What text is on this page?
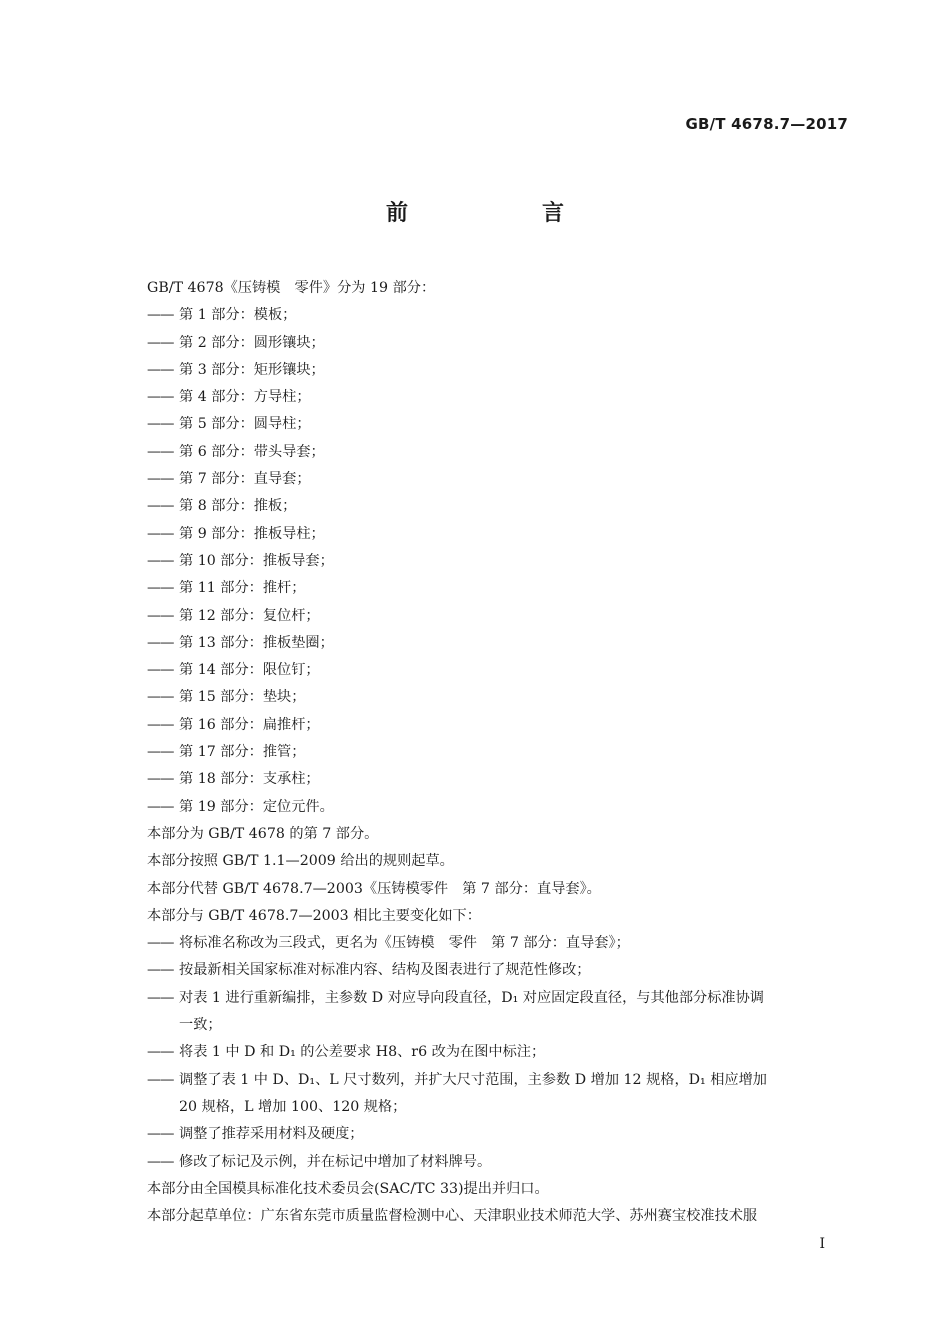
GB/T 4678.7—2017
前　言
GB/T 4678《压铸模　零件》分为 19 部分：
—— 第 1 部分：模板；
—— 第 2 部分：圆形镶块；
—— 第 3 部分：矩形镶块；
—— 第 4 部分：方导柱；
—— 第 5 部分：圆导柱；
—— 第 6 部分：带头导套；
—— 第 7 部分：直导套；
—— 第 8 部分：推板；
—— 第 9 部分：推板导柱；
—— 第 10 部分：推板导套；
—— 第 11 部分：推杆；
—— 第 12 部分：复位杆；
—— 第 13 部分：推板垫圈；
—— 第 14 部分：限位钉；
—— 第 15 部分：垫块；
—— 第 16 部分：扁推杆；
—— 第 17 部分：推管；
—— 第 18 部分：支承柱；
—— 第 19 部分：定位元件。
本部分为 GB/T 4678 的第 7 部分。
本部分按照 GB/T 1.1—2009 给出的规则起草。
本部分代替 GB/T 4678.7—2003《压铸模零件　第 7 部分：直导套》。
本部分与 GB/T 4678.7—2003 相比主要变化如下：
—— 将标准名称改为三段式，更名为《压铸模　零件　第 7 部分：直导套》；
—— 按最新相关国家标准对标准内容、结构及图表进行了规范性修改；
—— 对表 1 进行重新编排，主参数 D 对应导向段直径，D₁ 对应固定段直径，与其他部分标准协调
一致；
—— 将表 1 中 D 和 D₁ 的公差要求 H8、r6 改为在图中标注；
—— 调整了表 1 中 D、D₁、L 尺寸数列，并扩大尺寸范围，主参数 D 增加 12 规格，D₁ 相应增加
20 规格，L 增加 100、120 规格；
—— 调整了推荐采用材料及硬度；
—— 修改了标记及示例，并在标记中增加了材料牌号。
本部分由全国模具标准化技术委员会(SAC/TC 33)提出并归口。
本部分起草单位：广东省东莞市质量监督检测中心、天津职业技术师范大学、苏州赛宝校准技术服
I
